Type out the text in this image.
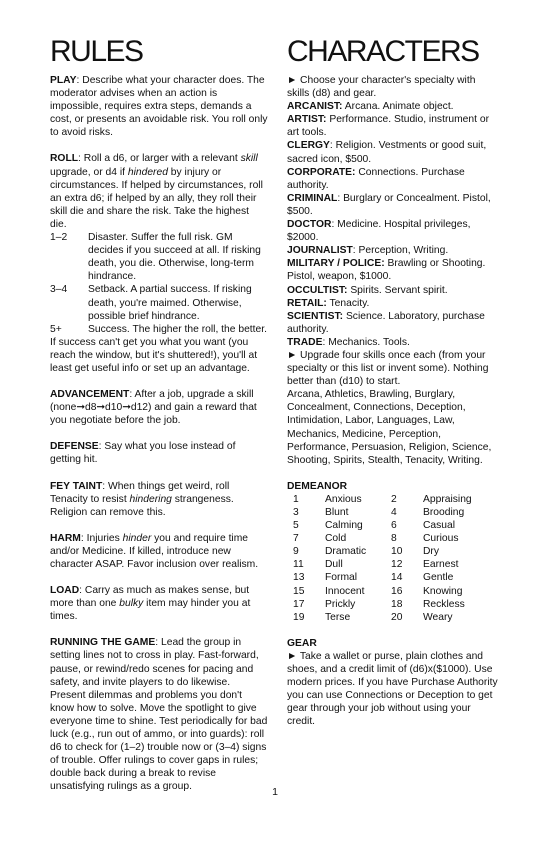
RULES

PLAY: Describe what your character does. The moderator advises when an action is impossible, requires extra steps, demands a cost, or presents an avoidable risk. You roll only to avoid risks.

ROLL: Roll a d6, or larger with a relevant skill upgrade, or d4 if hindered by injury or circumstances. If helped by circumstances, roll an extra d6; if helped by an ally, they roll their skill die and share the risk. Take the highest die.

1–2	Disaster. Suffer the full risk. GM decides if you succeed at all. If risking death, you die. Otherwise, long-term hindrance.
3–4	Setback. A partial success. If risking death, you're maimed. Otherwise, possible brief hindrance.
5+	Success. The higher the roll, the better.

If success can't get you what you want (you reach the window, but it's shuttered!), you'll at least get useful info or set up an advantage.

ADVANCEMENT: After a job, upgrade a skill (none➞d8➞d10➞d12) and gain a reward that you negotiate before the job.

DEFENSE: Say what you lose instead of getting hit.

FEY TAINT: When things get weird, roll Tenacity to resist hindering strangeness. Religion can remove this.

HARM: Injuries hinder you and require time and/or Medicine. If killed, introduce new character ASAP. Favor inclusion over realism.

LOAD: Carry as much as makes sense, but more than one bulky item may hinder you at times.

RUNNING THE GAME: Lead the group in setting lines not to cross in play. Fast-forward, pause, or rewind/redo scenes for pacing and safety, and invite players to do likewise. Present dilemmas and problems you don't know how to solve. Move the spotlight to give everyone time to shine. Test periodically for bad luck (e.g., run out of ammo, or into guards): roll d6 to check for (1–2) trouble now or (3–4) signs of trouble. Offer rulings to cover gaps in rules; double back during a break to revise unsatisfying rulings as a group.

CHARACTERS

► Choose your character's specialty with skills (d8) and gear.

ARCANIST: Arcana. Animate object.

ARTIST: Performance. Studio, instrument or art tools.

CLERGY: Religion. Vestments or good suit, sacred icon, $500.

CORPORATE: Connections. Purchase authority.

CRIMINAL: Burglary or Concealment. Pistol, $500.

DOCTOR: Medicine. Hospital privileges, $2000.

JOURNALIST: Perception, Writing.

MILITARY / POLICE: Brawling or Shooting. Pistol, weapon, $1000.

OCCULTIST: Spirits. Servant spirit.

RETAIL: Tenacity.

SCIENTIST: Science. Laboratory, purchase authority.

TRADE: Mechanics. Tools.

► Upgrade four skills once each (from your specialty or this list or invent some). Nothing better than (d10) to start.

Arcana, Athletics, Brawling, Burglary, Concealment, Connections, Deception, Intimidation, Labor, Languages, Law, Mechanics, Medicine, Perception, Performance, Persuasion, Religion, Science, Shooting, Spirits, Stealth, Tenacity, Writing.

DEMEANOR

1	Anxious	2	Appraising
3	Blunt	4	Brooding
5	Calming	6	Casual
7	Cold	8	Curious
9	Dramatic	10	Dry
11	Dull	12	Earnest
13	Formal	14	Gentle
15	Innocent	16	Knowing
17	Prickly	18	Reckless
19	Terse	20	Weary

GEAR

► Take a wallet or purse, plain clothes and shoes, and a credit limit of (d6)x($1000). Use modern prices. If you have Purchase Authority you can use Connections or Deception to get gear through your job without using your credit.

1
